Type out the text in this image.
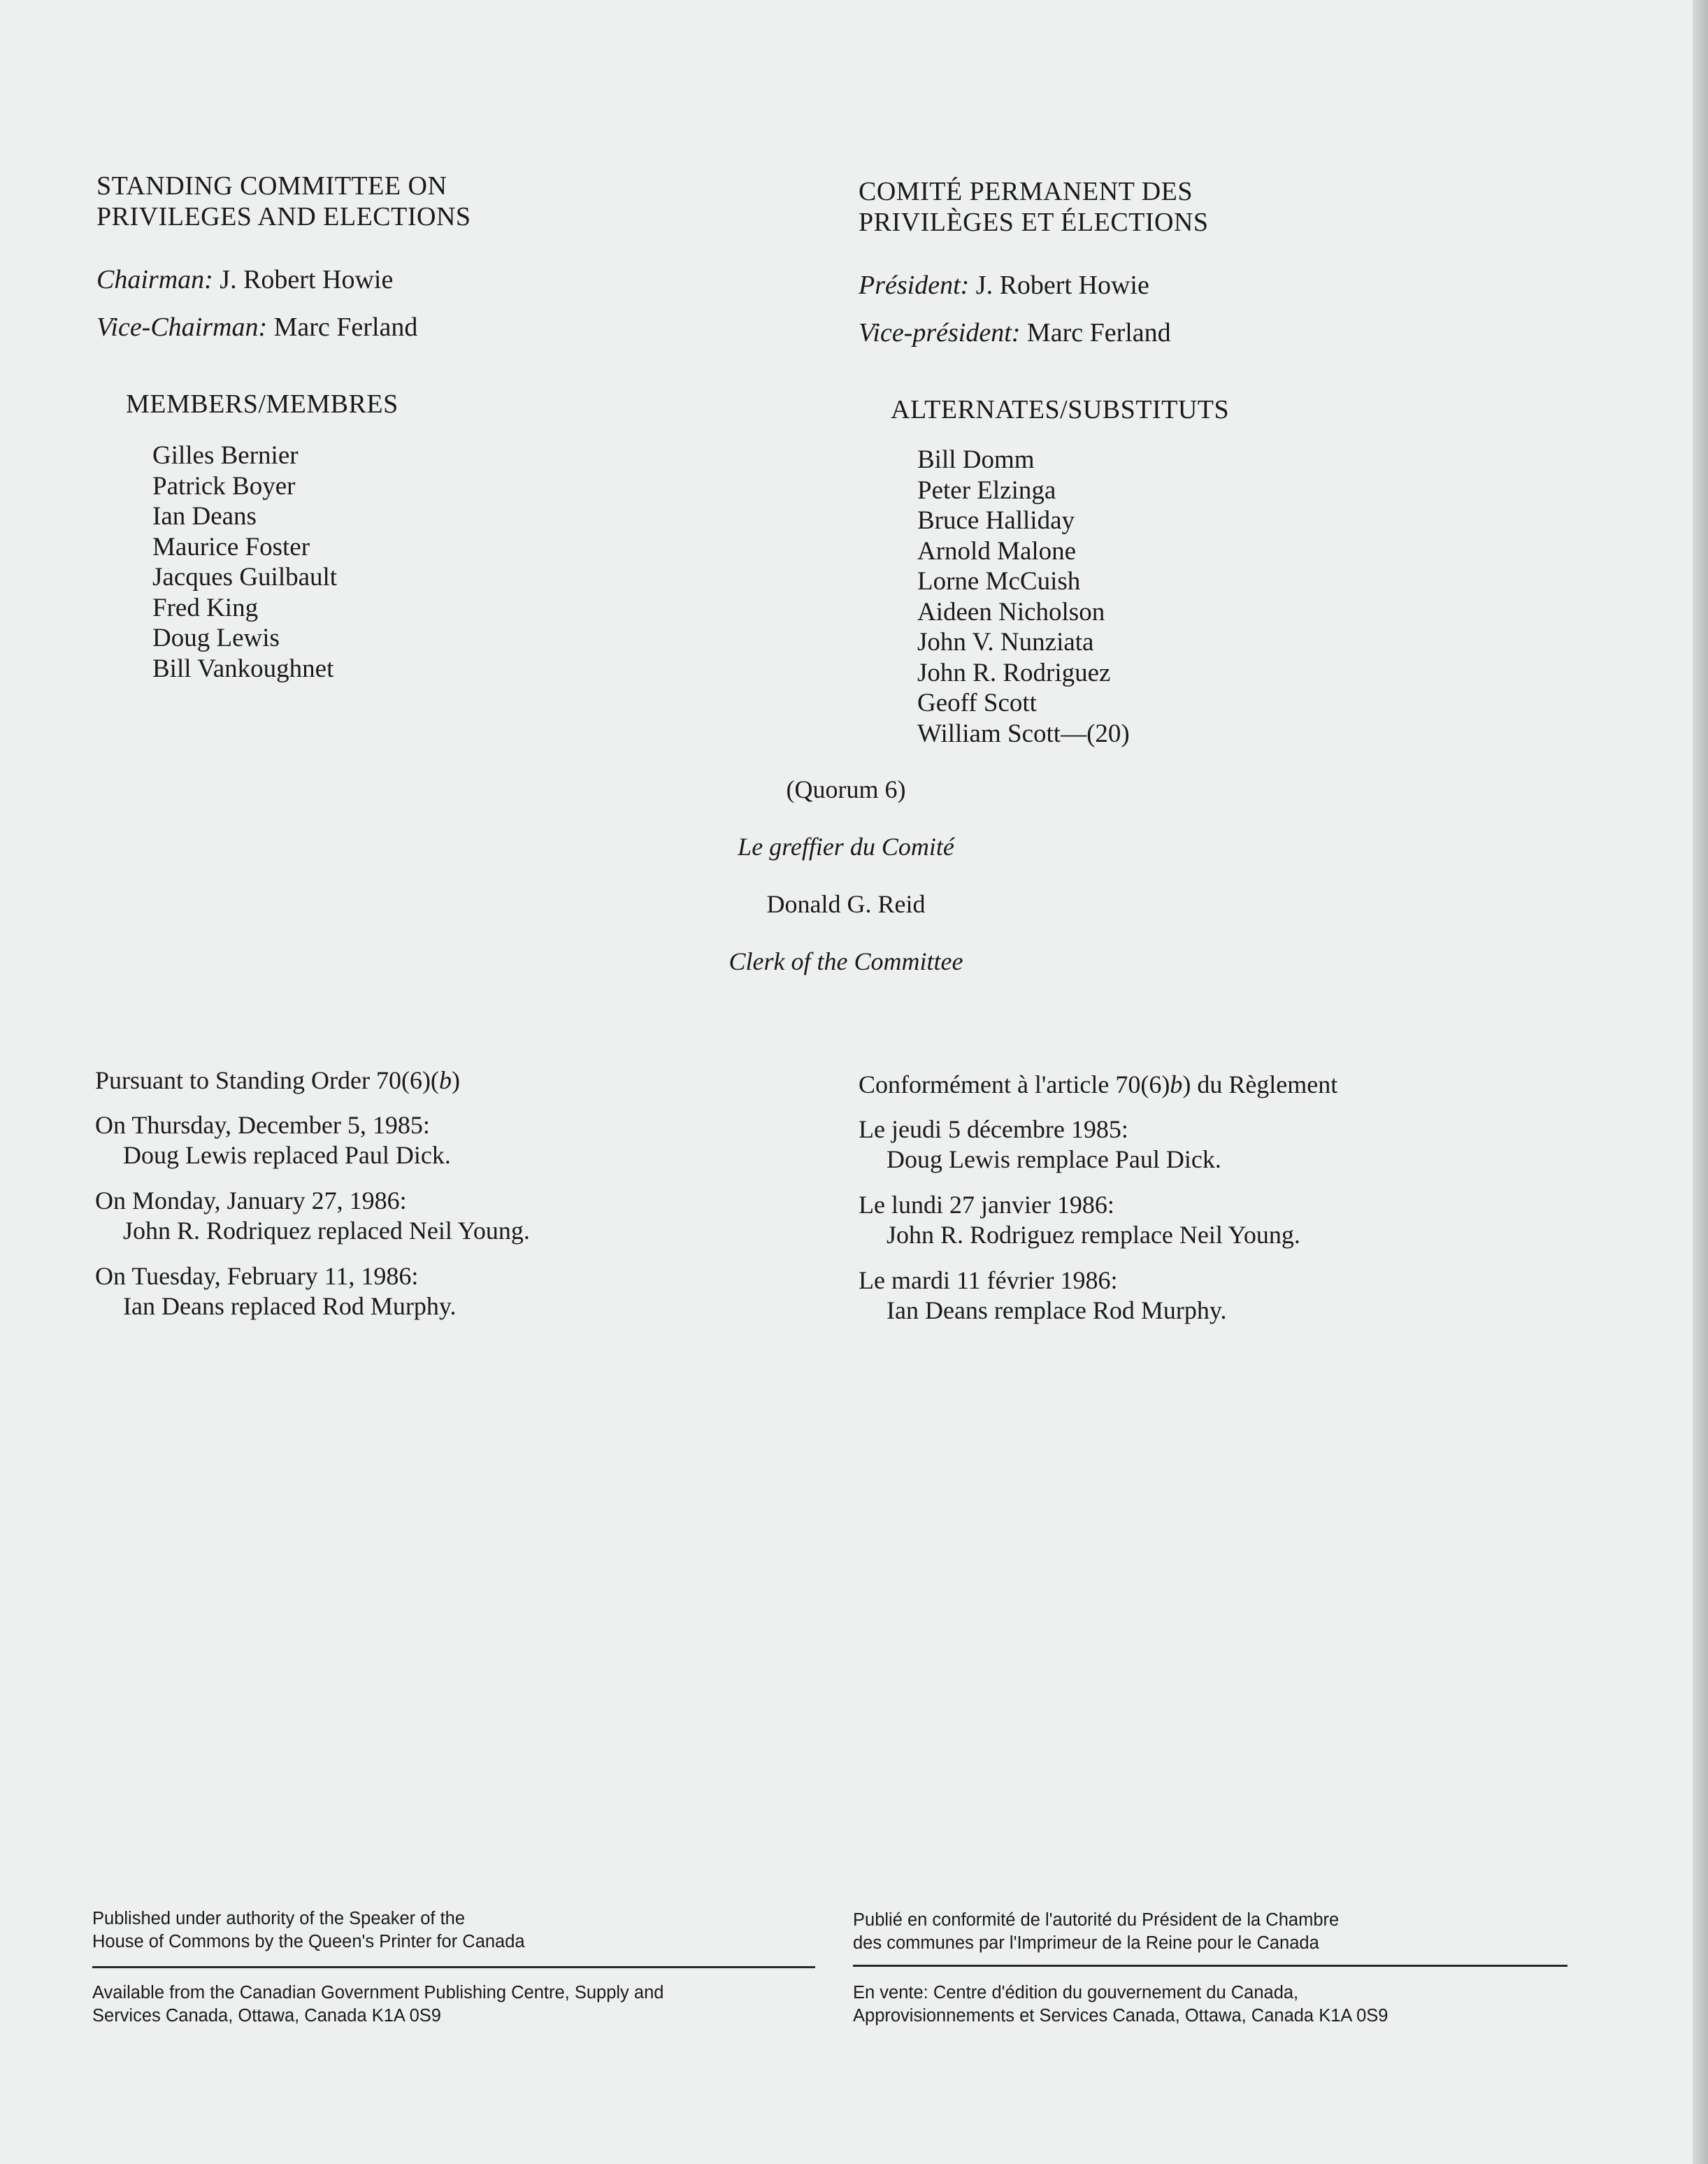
STANDING COMMITTEE ON
PRIVILEGES AND ELECTIONS
Chairman: J. Robert Howie
Vice-Chairman: Marc Ferland
COMITÉ PERMANENT DES
PRIVILÈGES ET ÉLECTIONS
Président: J. Robert Howie
Vice-président: Marc Ferland
MEMBERS/MEMBRES
Gilles Bernier
Patrick Boyer
Ian Deans
Maurice Foster
Jacques Guilbault
Fred King
Doug Lewis
Bill Vankoughnet
ALTERNATES/SUBSTITUTS
Bill Domm
Peter Elzinga
Bruce Halliday
Arnold Malone
Lorne McCuish
Aideen Nicholson
John V. Nunziata
John R. Rodriguez
Geoff Scott
William Scott—(20)
(Quorum 6)
Le greffier du Comité
Donald G. Reid
Clerk of the Committee
Pursuant to Standing Order 70(6)(b)
On Thursday, December 5, 1985:
Doug Lewis replaced Paul Dick.
On Monday, January 27, 1986:
John R. Rodriquez replaced Neil Young.
On Tuesday, February 11, 1986:
Ian Deans replaced Rod Murphy.
Conformément à l'article 70(6)b) du Règlement
Le jeudi 5 décembre 1985:
Doug Lewis remplace Paul Dick.
Le lundi 27 janvier 1986:
John R. Rodriguez remplace Neil Young.
Le mardi 11 février 1986:
Ian Deans remplace Rod Murphy.
Published under authority of the Speaker of the
House of Commons by the Queen's Printer for Canada
Available from the Canadian Government Publishing Centre, Supply and
Services Canada, Ottawa, Canada K1A 0S9
Publié en conformité de l'autorité du Président de la Chambre
des communes par l'Imprimeur de la Reine pour le Canada
En vente: Centre d'édition du gouvernement du Canada,
Approvisionnements et Services Canada, Ottawa, Canada K1A 0S9
